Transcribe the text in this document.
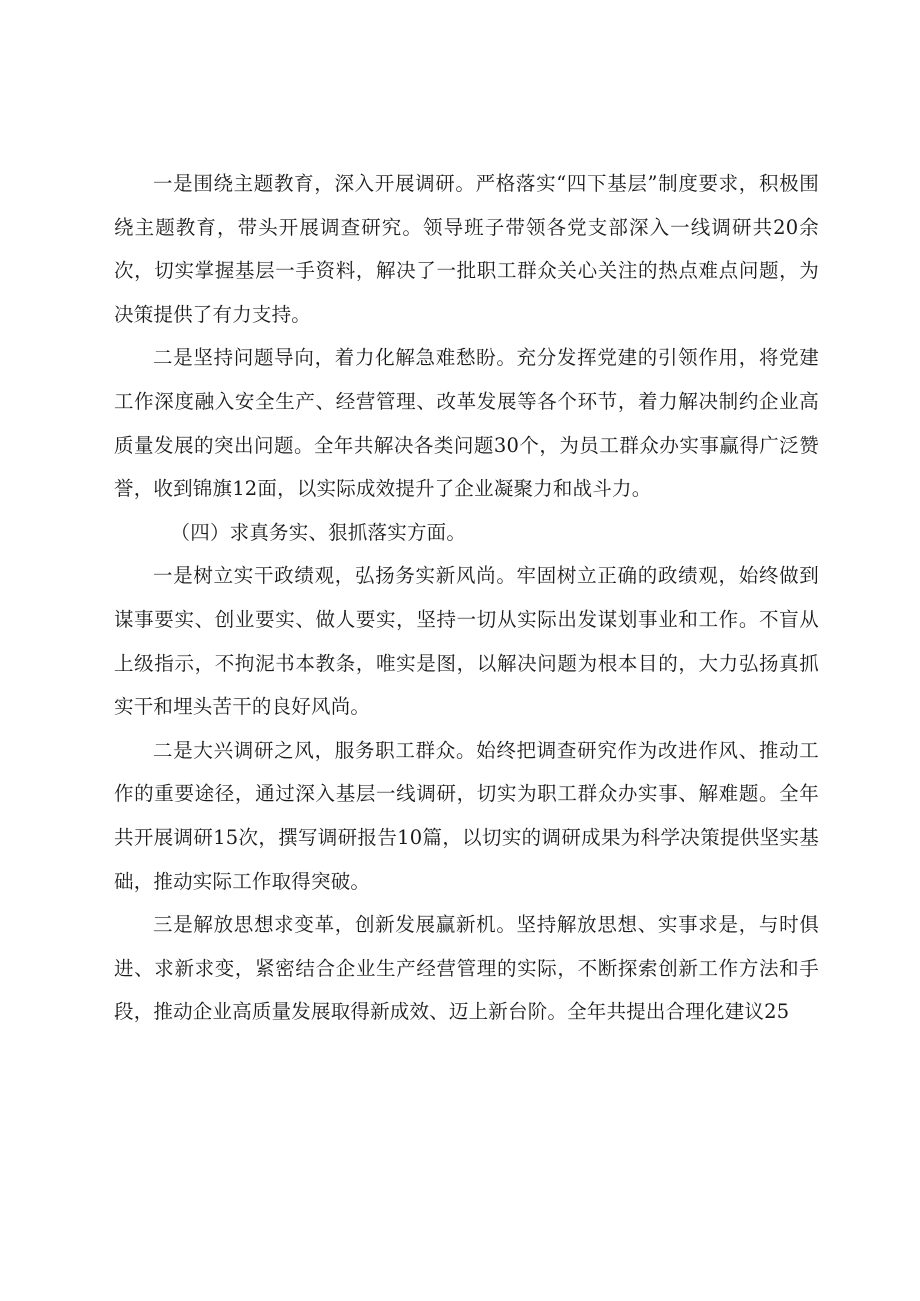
一是围绕主题教育，深入开展调研。严格落实“四下基层”制度要求，积极围绕主题教育，带头开展调查研究。领导班子带领各党支部深入一线调研共20余次，切实掌握基层一手资料，解决了一批职工群众关心关注的热点难点问题，为决策提供了有力支持。

二是坚持问题导向，着力化解急难愁盼。充分发挥党建的引领作用，将党建工作深度融入安全生产、经营管理、改革发展等各个环节，着力解决制约企业高质量发展的突出问题。全年共解决各类问题30个，为员工群众办实事赢得广泛赞誉，收到锦旗12面，以实际成效提升了企业凝聚力和战斗力。

（四）求真务实、狠抓落实方面。

一是树立实干政绩观，弘扬务实新风尚。牢固树立正确的政绩观，始终做到谋事要实、创业要实、做人要实，坚持一切从实际出发谋划事业和工作。不盲从上级指示，不拘泥书本教条，唯实是图，以解决问题为根本目的，大力弘扬真抓实干和埋头苦干的良好风尚。

二是大兴调研之风，服务职工群众。始终把调查研究作为改进作风、推动工作的重要途径，通过深入基层一线调研，切实为职工群众办实事、解难题。全年共开展调研15次，撰写调研报告10篇，以切实的调研成果为科学决策提供坚实基础，推动实际工作取得突破。

三是解放思想求变革，创新发展赢新机。坚持解放思想、实事求是，与时俱进、求新求变，紧密结合企业生产经营管理的实际，不断探索创新工作方法和手段，推动企业高质量发展取得新成效、迈上新台阶。全年共提出合理化建议25
